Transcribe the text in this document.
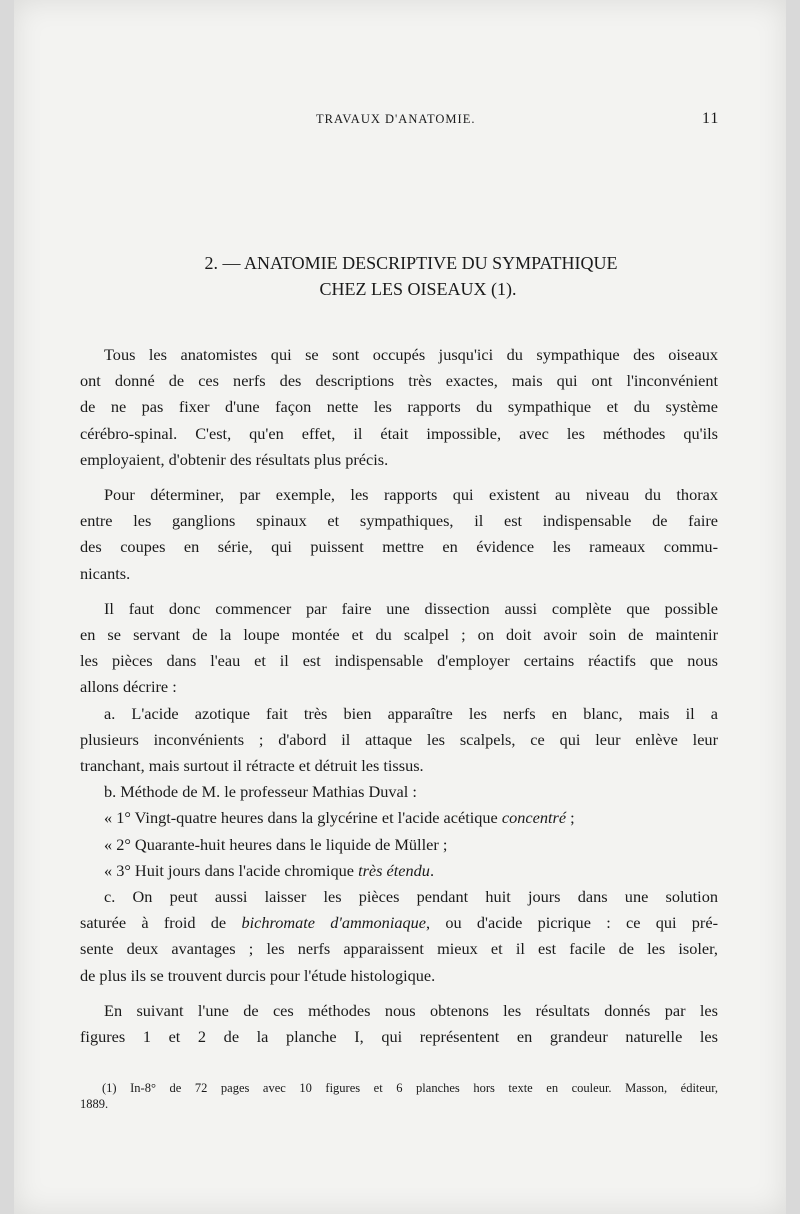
TRAVAUX D'ANATOMIE.	11
2. — ANATOMIE DESCRIPTIVE DU SYMPATHIQUE
CHEZ LES OISEAUX (1).

Tous les anatomistes qui se sont occupés jusqu'ici du sympathique des oiseaux
ont donné de ces nerfs des descriptions très exactes, mais qui ont l'inconvénient
de ne pas fixer d'une façon nette les rapports du sympathique et du système
cérébro-spinal. C'est, qu'en effet, il était impossible, avec les méthodes qu'ils
employaient, d'obtenir des résultats plus précis.

Pour déterminer, par exemple, les rapports qui existent au niveau du thorax
entre les ganglions spinaux et sympathiques, il est indispensable de faire
des coupes en série, qui puissent mettre en évidence les rameaux commu-
nicants.

Il faut donc commencer par faire une dissection aussi complète que possible
en se servant de la loupe montée et du scalpel ; on doit avoir soin de maintenir
les pièces dans l'eau et il est indispensable d'employer certains réactifs que nous
allons décrire :

a. L'acide azotique fait très bien apparaître les nerfs en blanc, mais il a
plusieurs inconvénients ; d'abord il attaque les scalpels, ce qui leur enlève leur
tranchant, mais surtout il rétracte et détruit les tissus.

b. Méthode de M. le professeur Mathias Duval :

« 1° Vingt-quatre heures dans la glycérine et l'acide acétique concentré ;
« 2° Quarante-huit heures dans le liquide de Müller ;
« 3° Huit jours dans l'acide chromique très étendu.

c. On peut aussi laisser les pièces pendant huit jours dans une solution
saturée à froid de bichromate d'ammoniaque, ou d'acide picrique : ce qui pré-
sente deux avantages ; les nerfs apparaissent mieux et il est facile de les isoler,
de plus ils se trouvent durcis pour l'étude histologique.

En suivant l'une de ces méthodes nous obtenons les résultats donnés par les
figures 1 et 2 de la planche I, qui représentent en grandeur naturelle les

(1) In-8° de 72 pages avec 10 figures et 6 planches hors texte en couleur. Masson, éditeur,
1889.
